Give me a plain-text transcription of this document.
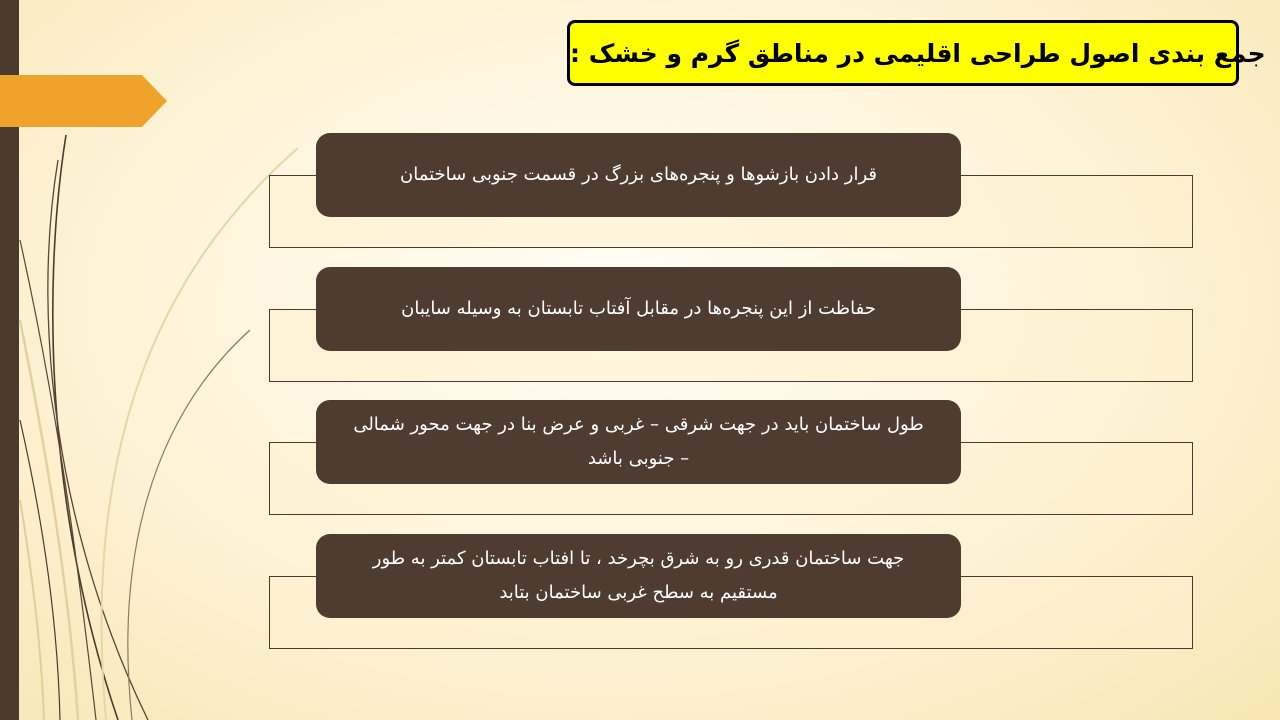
جمع بندی اصول طراحی اقلیمی در مناطق گرم و خشک :
قرار دادن بازشوها و پنجره‌های بزرگ در قسمت جنوبی ساختمان
حفاظت از این پنجره‌ها در مقابل آفتاب تابستان به وسیله سایبان
طول ساختمان باید در جهت شرقی – غربی و عرض بنا در جهت محور شمالی – جنوبی باشد
جهت ساختمان قدری رو به شرق بچرخد ، تا افتاب تابستان کمتر به طور مستقیم به سطح غربی ساختمان بتابد
